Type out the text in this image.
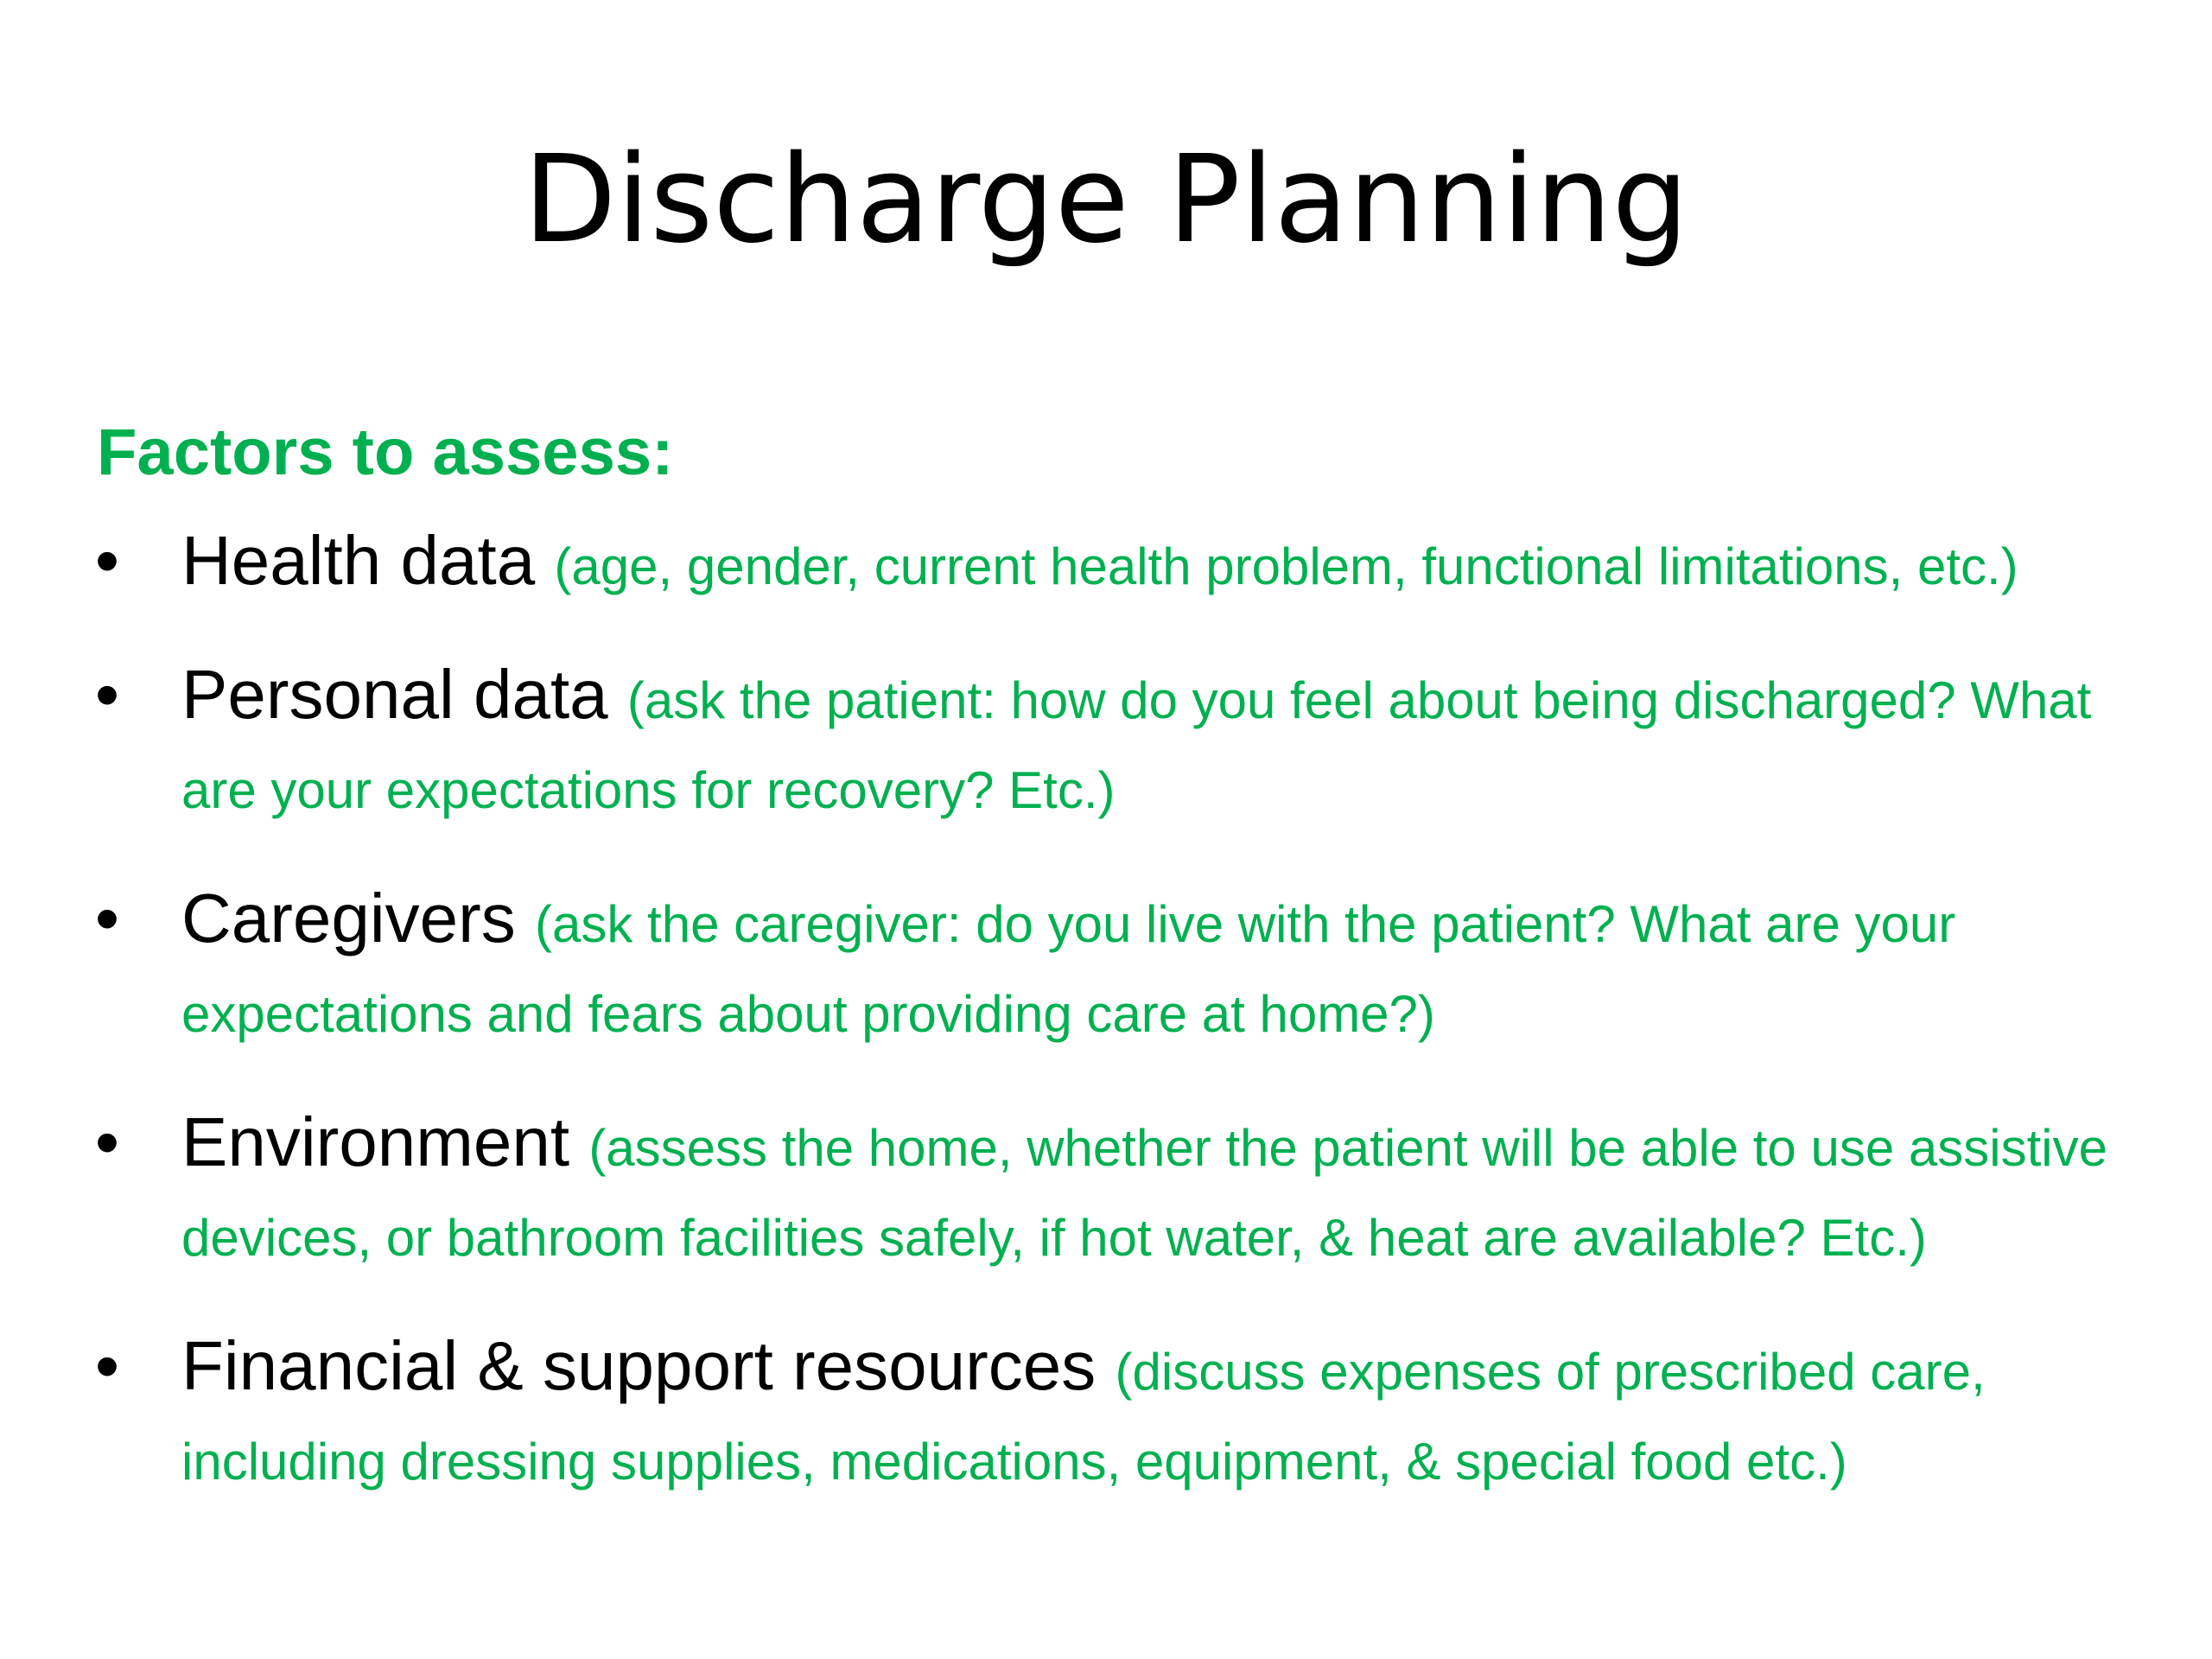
Discharge Planning

Factors to assess:

• Health data (age, gender, current health problem, functional limitations, etc.)
• Personal data (ask the patient: how do you feel about being discharged? What are your expectations for recovery? Etc.)
• Caregivers (ask the caregiver: do you live with the patient? What are your expectations and fears about providing care at home?)
• Environment (assess the home, whether the patient will be able to use assistive devices, or bathroom facilities safely, if hot water, & heat are available? Etc.)
• Financial & support resources (discuss expenses of prescribed care, including dressing supplies, medications, equipment, & special food etc.)
